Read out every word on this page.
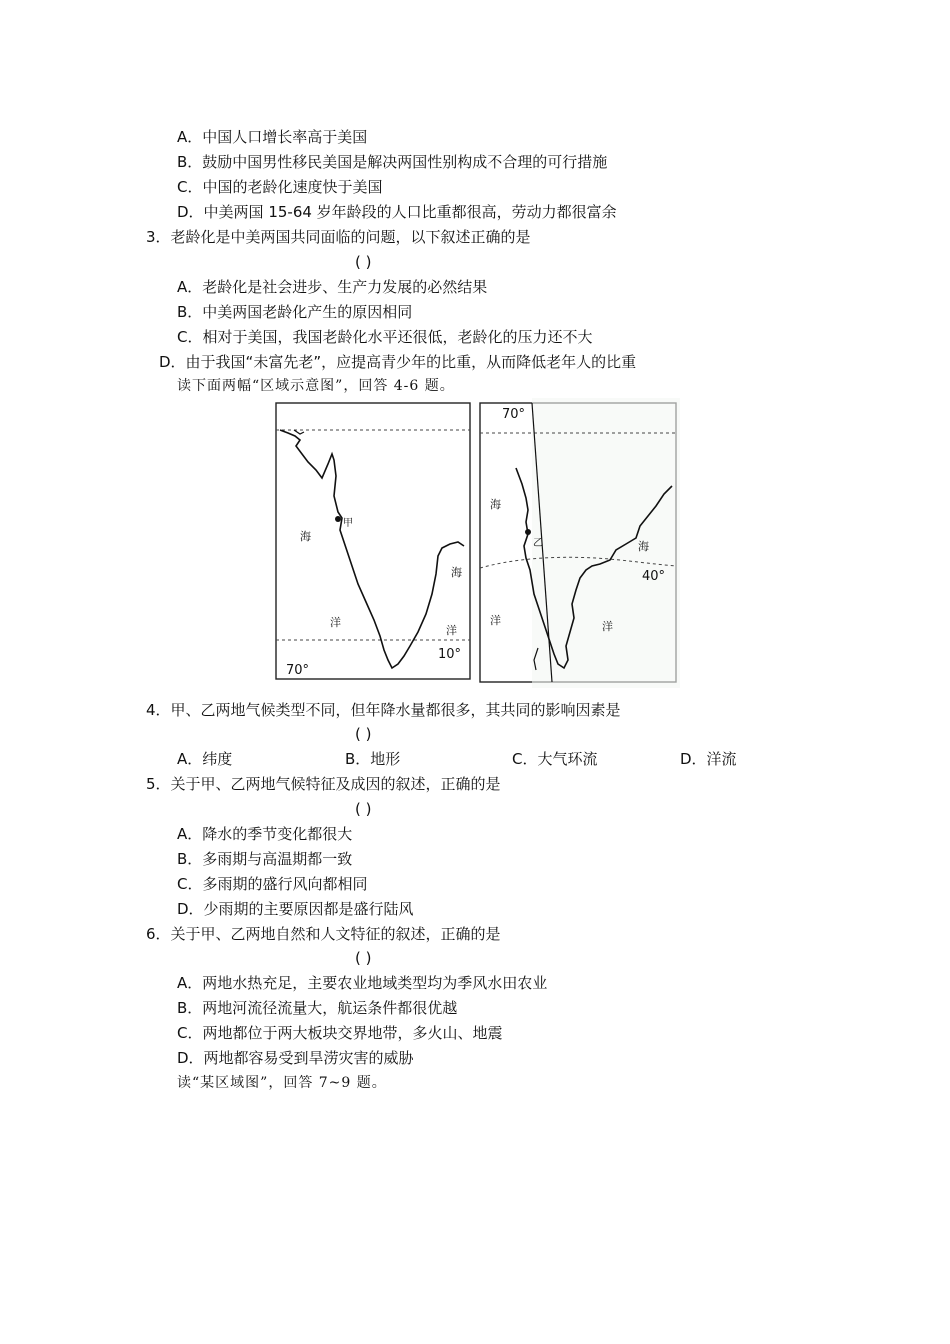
A．中国人口增长率高于美国
B．鼓励中国男性移民美国是解决两国性别构成不合理的可行措施
C．中国的老龄化速度快于美国
D．中美两国 15-64 岁年龄段的人口比重都很高，劳动力都很富余
3．老龄化是中美两国共同面临的问题，以下叙述正确的是
( )
A．老龄化是社会进步、生产力发展的必然结果
B．中美两国老龄化产生的原因相同
C．相对于美国，我国老龄化水平还很低，老龄化的压力还不大
D．由于我国“未富先老”，应提高青少年的比重，从而降低老年人的比重
读下面两幅“区域示意图”，回答 4-6 题。
甲
海
洋
海
洋
10°
70°
乙
海
洋
海
洋
70°
40°
4．甲、乙两地气候类型不同，但年降水量都很多，其共同的影响因素是
( )
A．纬度	B．地形	C．大气环流	D．洋流
5．关于甲、乙两地气候特征及成因的叙述，正确的是
( )
A．降水的季节变化都很大
B．多雨期与高温期都一致
C．多雨期的盛行风向都相同
D．少雨期的主要原因都是盛行陆风
6．关于甲、乙两地自然和人文特征的叙述，正确的是
( )
A．两地水热充足，主要农业地域类型均为季风水田农业
B．两地河流径流量大，航运条件都很优越
C．两地都位于两大板块交界地带，多火山、地震
D．两地都容易受到旱涝灾害的威胁
读“某区域图”，回答 7~9 题。
